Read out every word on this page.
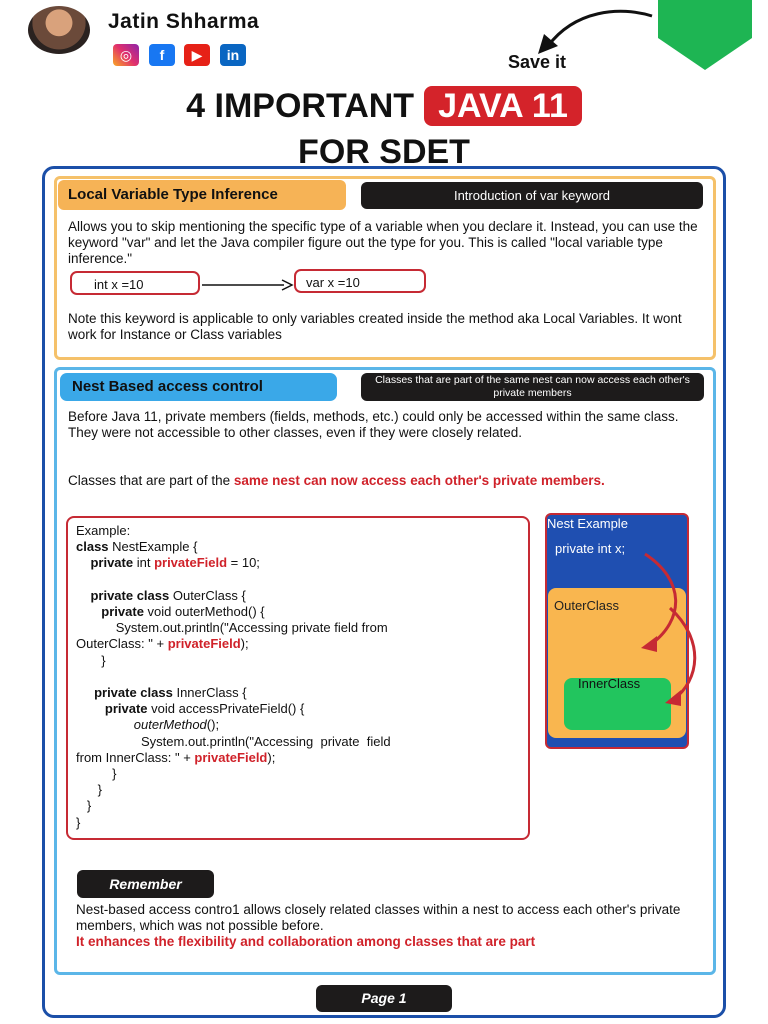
Jatin Shharma
◎	f	▶	in	Save it
4 IMPORTANT JAVA 11
FOR SDET
Local Variable Type Inference	Introduction of var keyword
Allows you to skip mentioning the specific type of a variable when you declare it. Instead, you can use the keyword "var" and let the Java compiler figure out the type for you. This is called "local variable type inference."
int x =10	var x =10
Note this keyword is applicable to only variables created inside the method aka Local Variables. It wont work for Instance or Class variables
Nest Based access control	Classes that are part of the same nest can now access each other's private members
Before Java 11, private members (fields, methods, etc.) could only be accessed within the same class. They were not accessible to other classes, even if they were closely related.
Classes that are part of the same nest can now access each other's private members.
Example:
class NestExample {
private int privateField = 10;

private class OuterClass {
private void outerMethod() {
System.out.println("Accessing private field from
OuterClass: " + privateField);
}

private class InnerClass {
private void accessPrivateField() {
outerMethod();
System.out.println("Accessing  private  field
from InnerClass: " + privateField);
}
}
}
}
Nest Example
private int x;
OuterClass
InnerClass
Remember
Nest-based access contro1 allows closely related classes within a nest to access each other's private members, which was not possible before.
It enhances the flexibility and collaboration among classes that are part
Page 1
